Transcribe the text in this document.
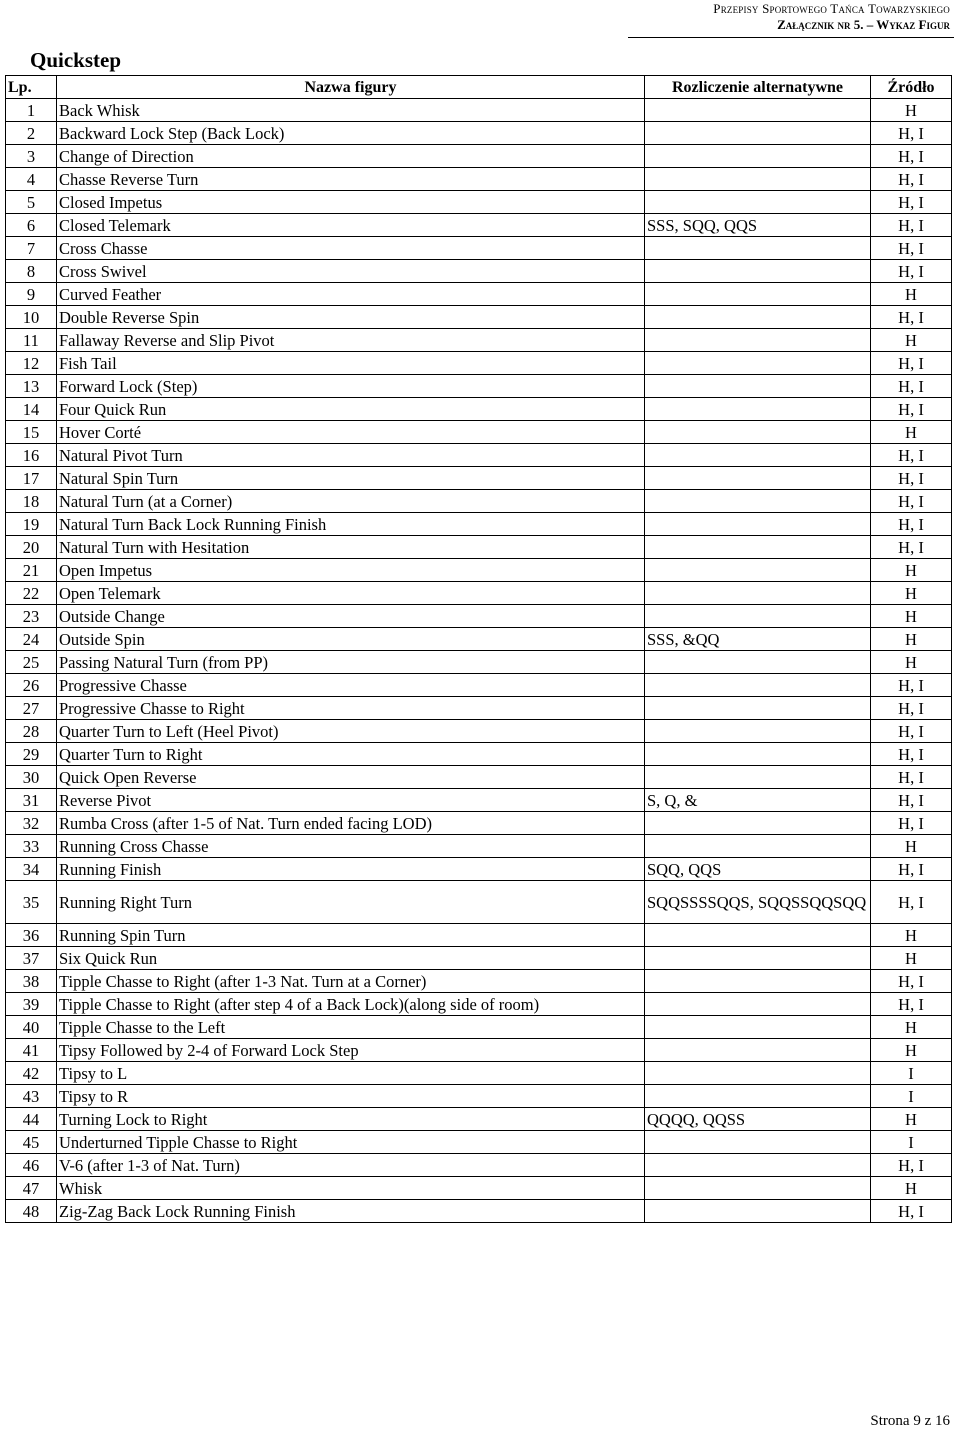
Przepisy Sportowego Tańca Towarzyskiego
Załącznik nr 5. – Wykaz Figur
Quickstep
Lp.	Nazwa figury	Rozliczenie alternatywne	Źródło
1	Back Whisk		H
2	Backward Lock Step (Back Lock)		H, I
3	Change of Direction		H, I
4	Chasse Reverse Turn		H, I
5	Closed Impetus		H, I
6	Closed Telemark	SSS, SQQ, QQS	H, I
7	Cross Chasse		H, I
8	Cross Swivel		H, I
9	Curved Feather		H
10	Double Reverse Spin		H, I
11	Fallaway Reverse and Slip Pivot		H
12	Fish Tail		H, I
13	Forward Lock (Step)		H, I
14	Four Quick Run		H, I
15	Hover Corté		H
16	Natural Pivot Turn		H, I
17	Natural Spin Turn		H, I
18	Natural Turn (at a Corner)		H, I
19	Natural Turn Back Lock Running Finish		H, I
20	Natural Turn with Hesitation		H, I
21	Open Impetus		H
22	Open Telemark		H
23	Outside Change		H
24	Outside Spin	SSS, &QQ	H
25	Passing Natural Turn (from PP)		H
26	Progressive Chasse		H, I
27	Progressive Chasse to Right		H, I
28	Quarter Turn to Left (Heel Pivot)		H, I
29	Quarter Turn to Right		H, I
30	Quick Open Reverse		H, I
31	Reverse Pivot	S, Q, &	H, I
32	Rumba Cross (after 1-5 of Nat. Turn ended facing LOD)		H, I
33	Running Cross Chasse		H
34	Running Finish	SQQ, QQS	H, I
35	Running Right Turn	SQQSSSSQQS, SQQSSQQSQQ	H, I
36	Running Spin Turn		H
37	Six Quick Run		H
38	Tipple Chasse to Right (after 1-3 Nat. Turn at a Corner)		H, I
39	Tipple Chasse to Right (after step 4 of a Back Lock)(along side of room)		H, I
40	Tipple Chasse to the Left		H
41	Tipsy Followed by 2-4 of Forward Lock Step		H
42	Tipsy to L		I
43	Tipsy to R		I
44	Turning Lock to Right	QQQQ, QQSS	H
45	Underturned Tipple Chasse to Right		I
46	V-6 (after 1-3 of Nat. Turn)		H, I
47	Whisk		H
48	Zig-Zag Back Lock Running Finish		H, I
Strona 9 z 16
